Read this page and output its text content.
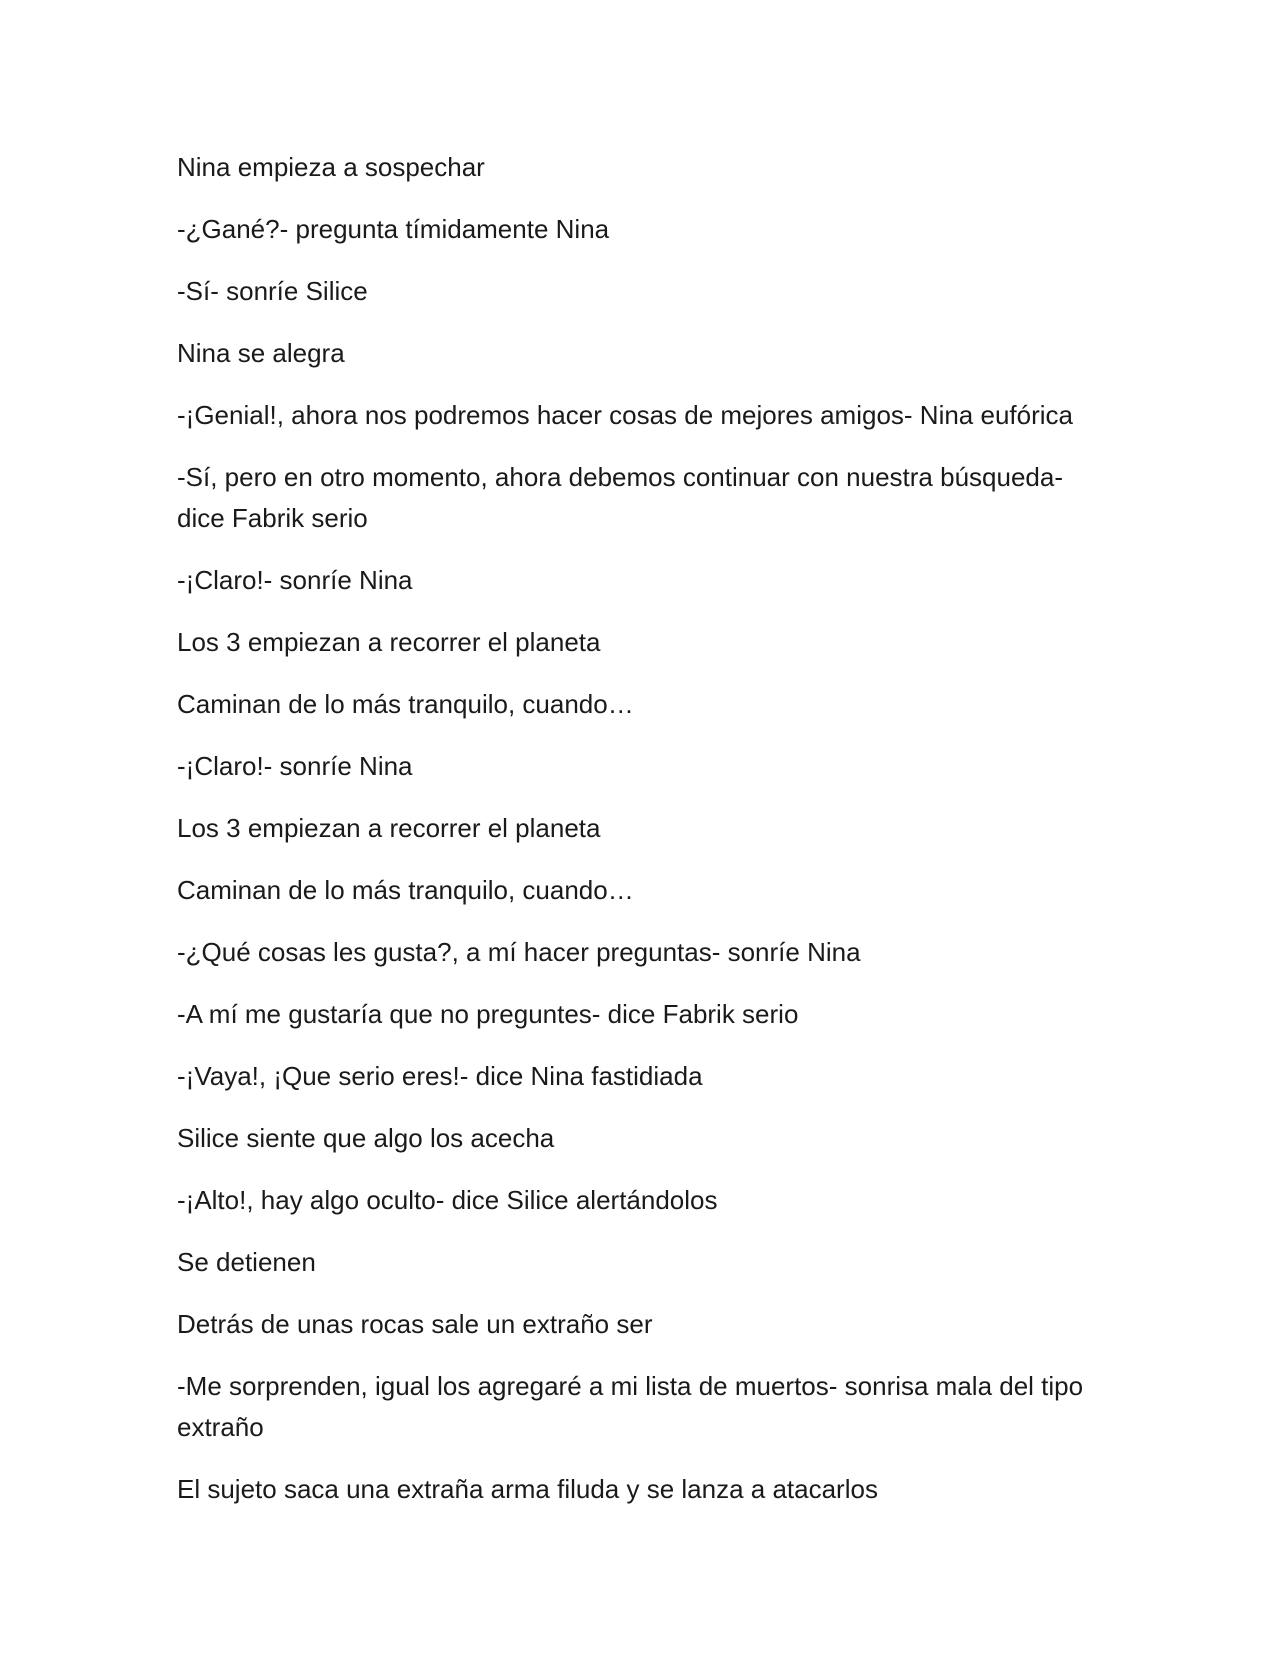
Nina empieza a sospechar

-¿Gané?- pregunta tímidamente Nina

-Sí- sonríe Silice

Nina se alegra

-¡Genial!, ahora nos podremos hacer cosas de mejores amigos- Nina eufórica

-Sí, pero en otro momento, ahora debemos continuar con nuestra búsqueda- dice Fabrik serio

-¡Claro!- sonríe Nina

Los 3 empiezan a recorrer el planeta

Caminan de lo más tranquilo, cuando…

-¡Claro!- sonríe Nina

Los 3 empiezan a recorrer el planeta

Caminan de lo más tranquilo, cuando…

-¿Qué cosas les gusta?, a mí hacer preguntas- sonríe Nina

-A mí me gustaría que no preguntes- dice Fabrik serio

-¡Vaya!, ¡Que serio eres!- dice Nina fastidiada

Silice siente que algo los acecha

-¡Alto!, hay algo oculto- dice Silice alertándolos

Se detienen

Detrás de unas rocas sale un extraño ser

-Me sorprenden, igual los agregaré a mi lista de muertos- sonrisa mala del tipo extraño

El sujeto saca una extraña arma filuda y se lanza a atacarlos
